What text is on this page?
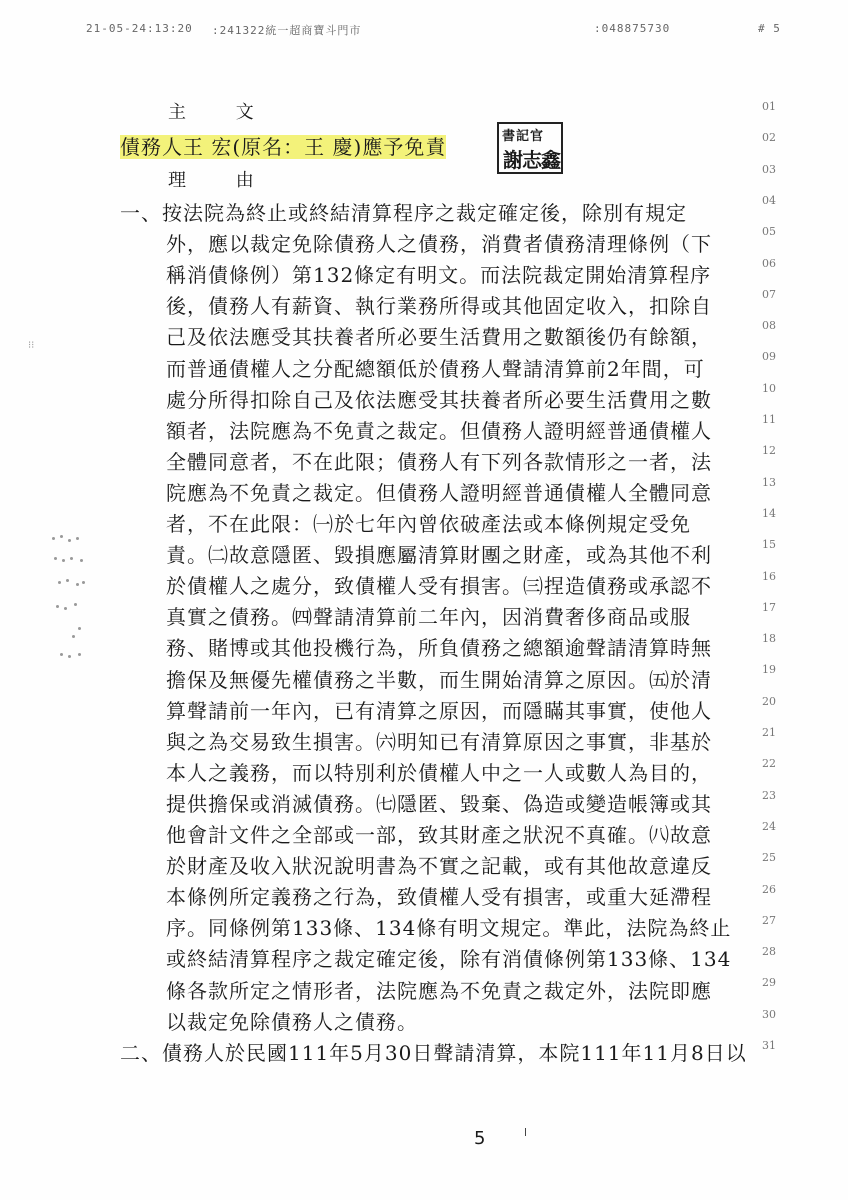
21-05-24:13:20 :241322統一超商寶斗門市	:048875730	# 5
主 文
債務人王 宏(原名：王 慶)應予免責	書記官
謝志鑫
理 由
一、按法院為終止或終結清算程序之裁定確定後，除別有規定
外，應以裁定免除債務人之債務，消費者債務清理條例（下
稱消債條例）第132條定有明文。而法院裁定開始清算程序
後，債務人有薪資、執行業務所得或其他固定收入，扣除自
己及依法應受其扶養者所必要生活費用之數額後仍有餘額，
而普通債權人之分配總額低於債務人聲請清算前2年間，可
處分所得扣除自己及依法應受其扶養者所必要生活費用之數
額者，法院應為不免責之裁定。但債務人證明經普通債權人
全體同意者，不在此限；債務人有下列各款情形之一者，法
院應為不免責之裁定。但債務人證明經普通債權人全體同意
者，不在此限：㈠於七年內曾依破產法或本條例規定受免
責。㈡故意隱匿、毀損應屬清算財團之財產，或為其他不利
於債權人之處分，致債權人受有損害。㈢捏造債務或承認不
真實之債務。㈣聲請清算前二年內，因消費奢侈商品或服
務、賭博或其他投機行為，所負債務之總額逾聲請清算時無
擔保及無優先權債務之半數，而生開始清算之原因。㈤於清
算聲請前一年內，已有清算之原因，而隱瞞其事實，使他人
與之為交易致生損害。㈥明知已有清算原因之事實，非基於
本人之義務，而以特別利於債權人中之一人或數人為目的，
提供擔保或消滅債務。㈦隱匿、毀棄、偽造或變造帳簿或其
他會計文件之全部或一部，致其財產之狀況不真確。㈧故意
於財產及收入狀況說明書為不實之記載，或有其他故意違反
本條例所定義務之行為，致債權人受有損害，或重大延滯程
序。同條例第133條、134條有明文規定。準此，法院為終止
或終結清算程序之裁定確定後，除有消債條例第133條、134
條各款所定之情形者，法院應為不免責之裁定外，法院即應
以裁定免除債務人之債務。
二、債務人於民國111年5月30日聲請清算，本院111年11月8日以
01
02
03
04
05
06
07
08
09
10
11
12
13
14
15
16
17
18
19
20
21
22
23
24
25
26
27
28
29
30
31
⁝⁝
5
